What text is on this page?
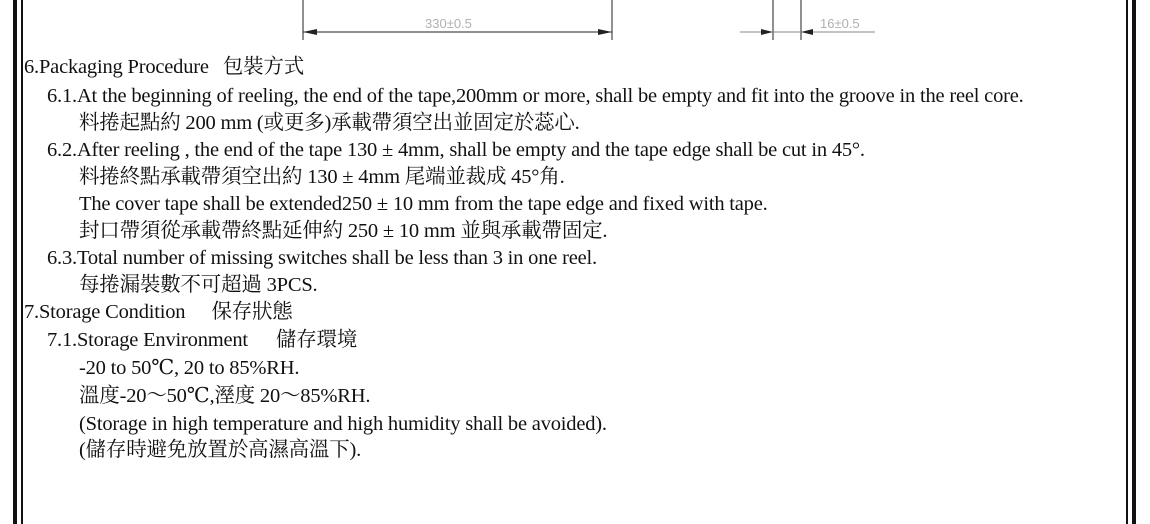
330±0.5	16±0.5
6.Packaging Procedure 包裝方式
6.1.At the beginning of reeling, the end of the tape,200mm or more, shall be empty and fit into the groove in the reel core.
料捲起點約 200 mm (或更多)承載帶須空出並固定於蕊心.
6.2.After reeling , the end of the tape 130 ± 4mm, shall be empty and the tape edge shall be cut in 45°.
料捲終點承載帶須空出約 130 ± 4mm 尾端並裁成 45°角.
The cover tape shall be extended250 ± 10 mm from the tape edge and fixed with tape.
封口帶須從承載帶終點延伸約 250 ± 10 mm 並與承載帶固定.
6.3.Total number of missing switches shall be less than 3 in one reel.
每捲漏裝數不可超過 3PCS.
7.Storage Condition 保存狀態
7.1.Storage Environment 儲存環境
-20 to 50℃, 20 to 85%RH.
溫度-20～50℃,溼度 20～85%RH.
(Storage in high temperature and high humidity shall be avoided).
(儲存時避免放置於高濕高溫下).
